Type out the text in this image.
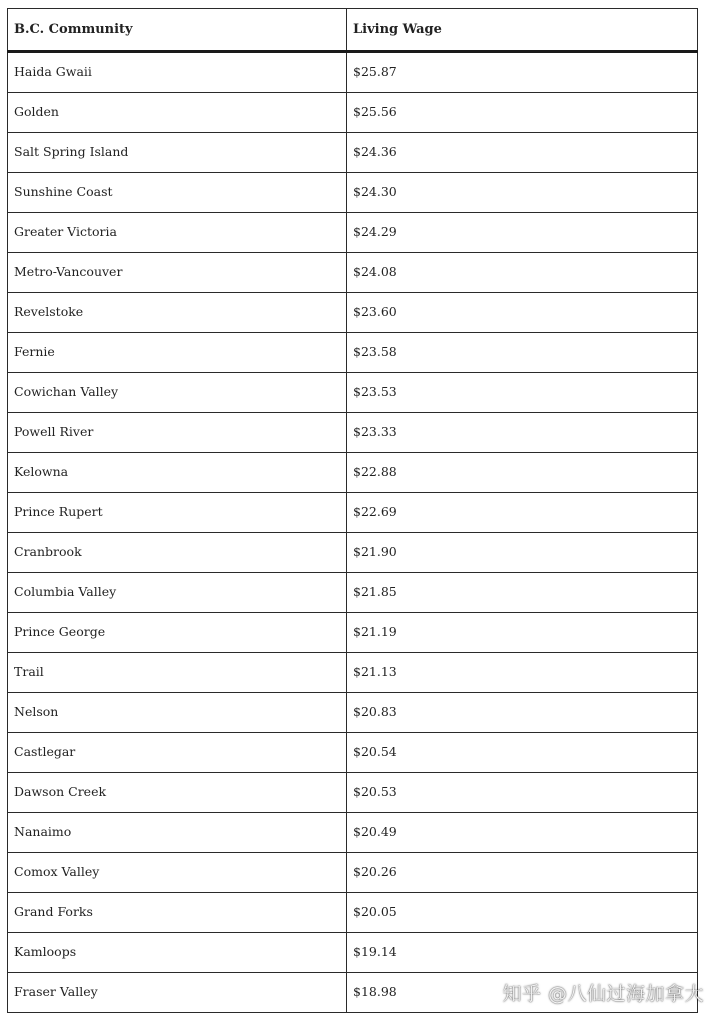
B.C. Community	Living Wage
Haida Gwaii	$25.87
Golden	$25.56
Salt Spring Island	$24.36
Sunshine Coast	$24.30
Greater Victoria	$24.29
Metro-Vancouver	$24.08
Revelstoke	$23.60
Fernie	$23.58
Cowichan Valley	$23.53
Powell River	$23.33
Kelowna	$22.88
Prince Rupert	$22.69
Cranbrook	$21.90
Columbia Valley	$21.85
Prince George	$21.19
Trail	$21.13
Nelson	$20.83
Castlegar	$20.54
Dawson Creek	$20.53
Nanaimo	$20.49
Comox Valley	$20.26
Grand Forks	$20.05
Kamloops	$19.14
Fraser Valley	$18.98	知乎 @八仙过海加拿大
